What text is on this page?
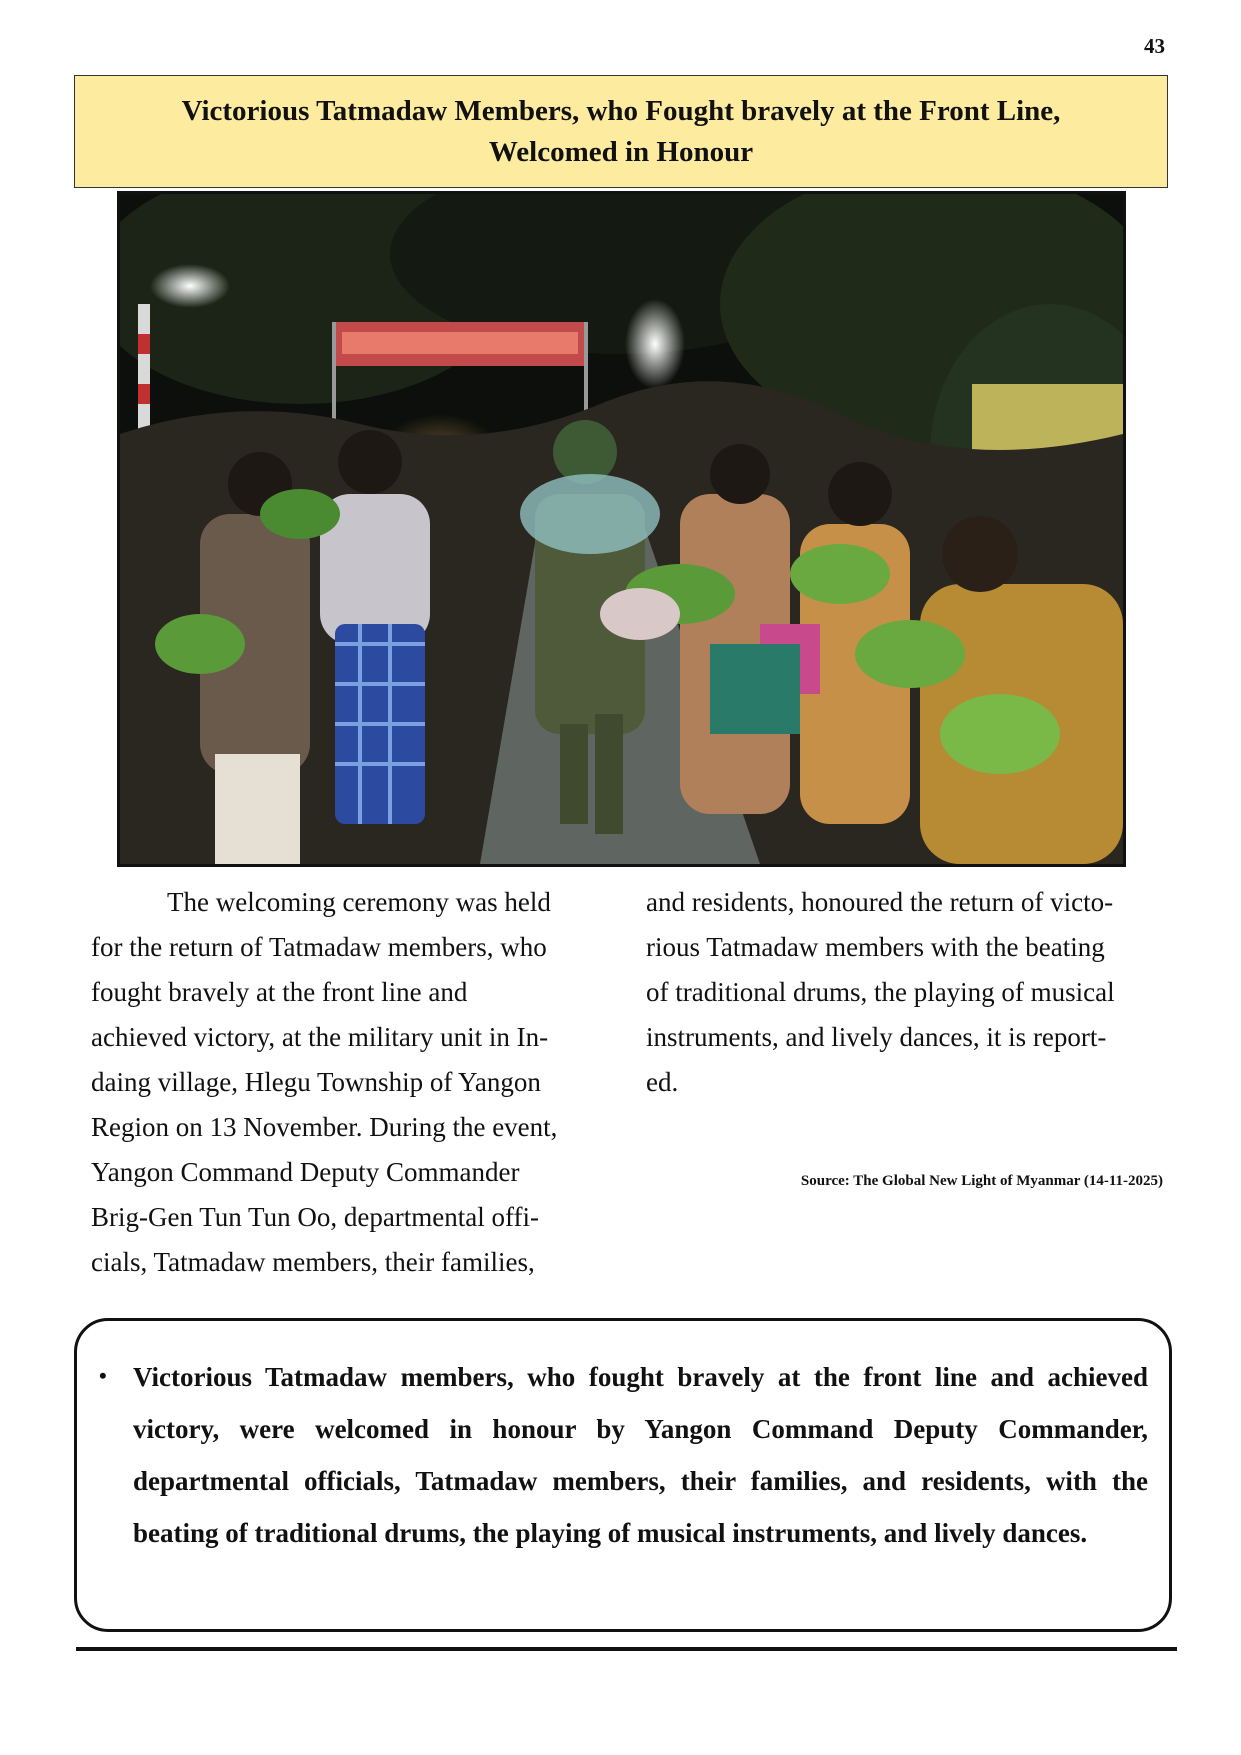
43
Victorious Tatmadaw Members, who Fought bravely at the Front Line,
Welcomed in Honour
The welcoming ceremony was held
for the return of Tatmadaw members, who
fought bravely at the front line and
achieved victory, at the military unit in In-
daing village, Hlegu Township of Yangon
Region on 13 November. During the event,
Yangon Command Deputy Commander
Brig-Gen Tun Tun Oo, departmental offi-
cials, Tatmadaw members, their families,
and residents, honoured the return of victo-
rious Tatmadaw members with the beating
of traditional drums, the playing of musical
instruments, and lively dances, it is report-
ed.
Source: The Global New Light of Myanmar (14-11-2025)
• Victorious Tatmadaw members, who fought bravely at the front line and achieved victory, were welcomed in honour by Yangon Command Deputy Commander, departmental officials, Tatmadaw members, their families, and residents, with the beating of traditional drums, the playing of musical instruments, and lively dances.
